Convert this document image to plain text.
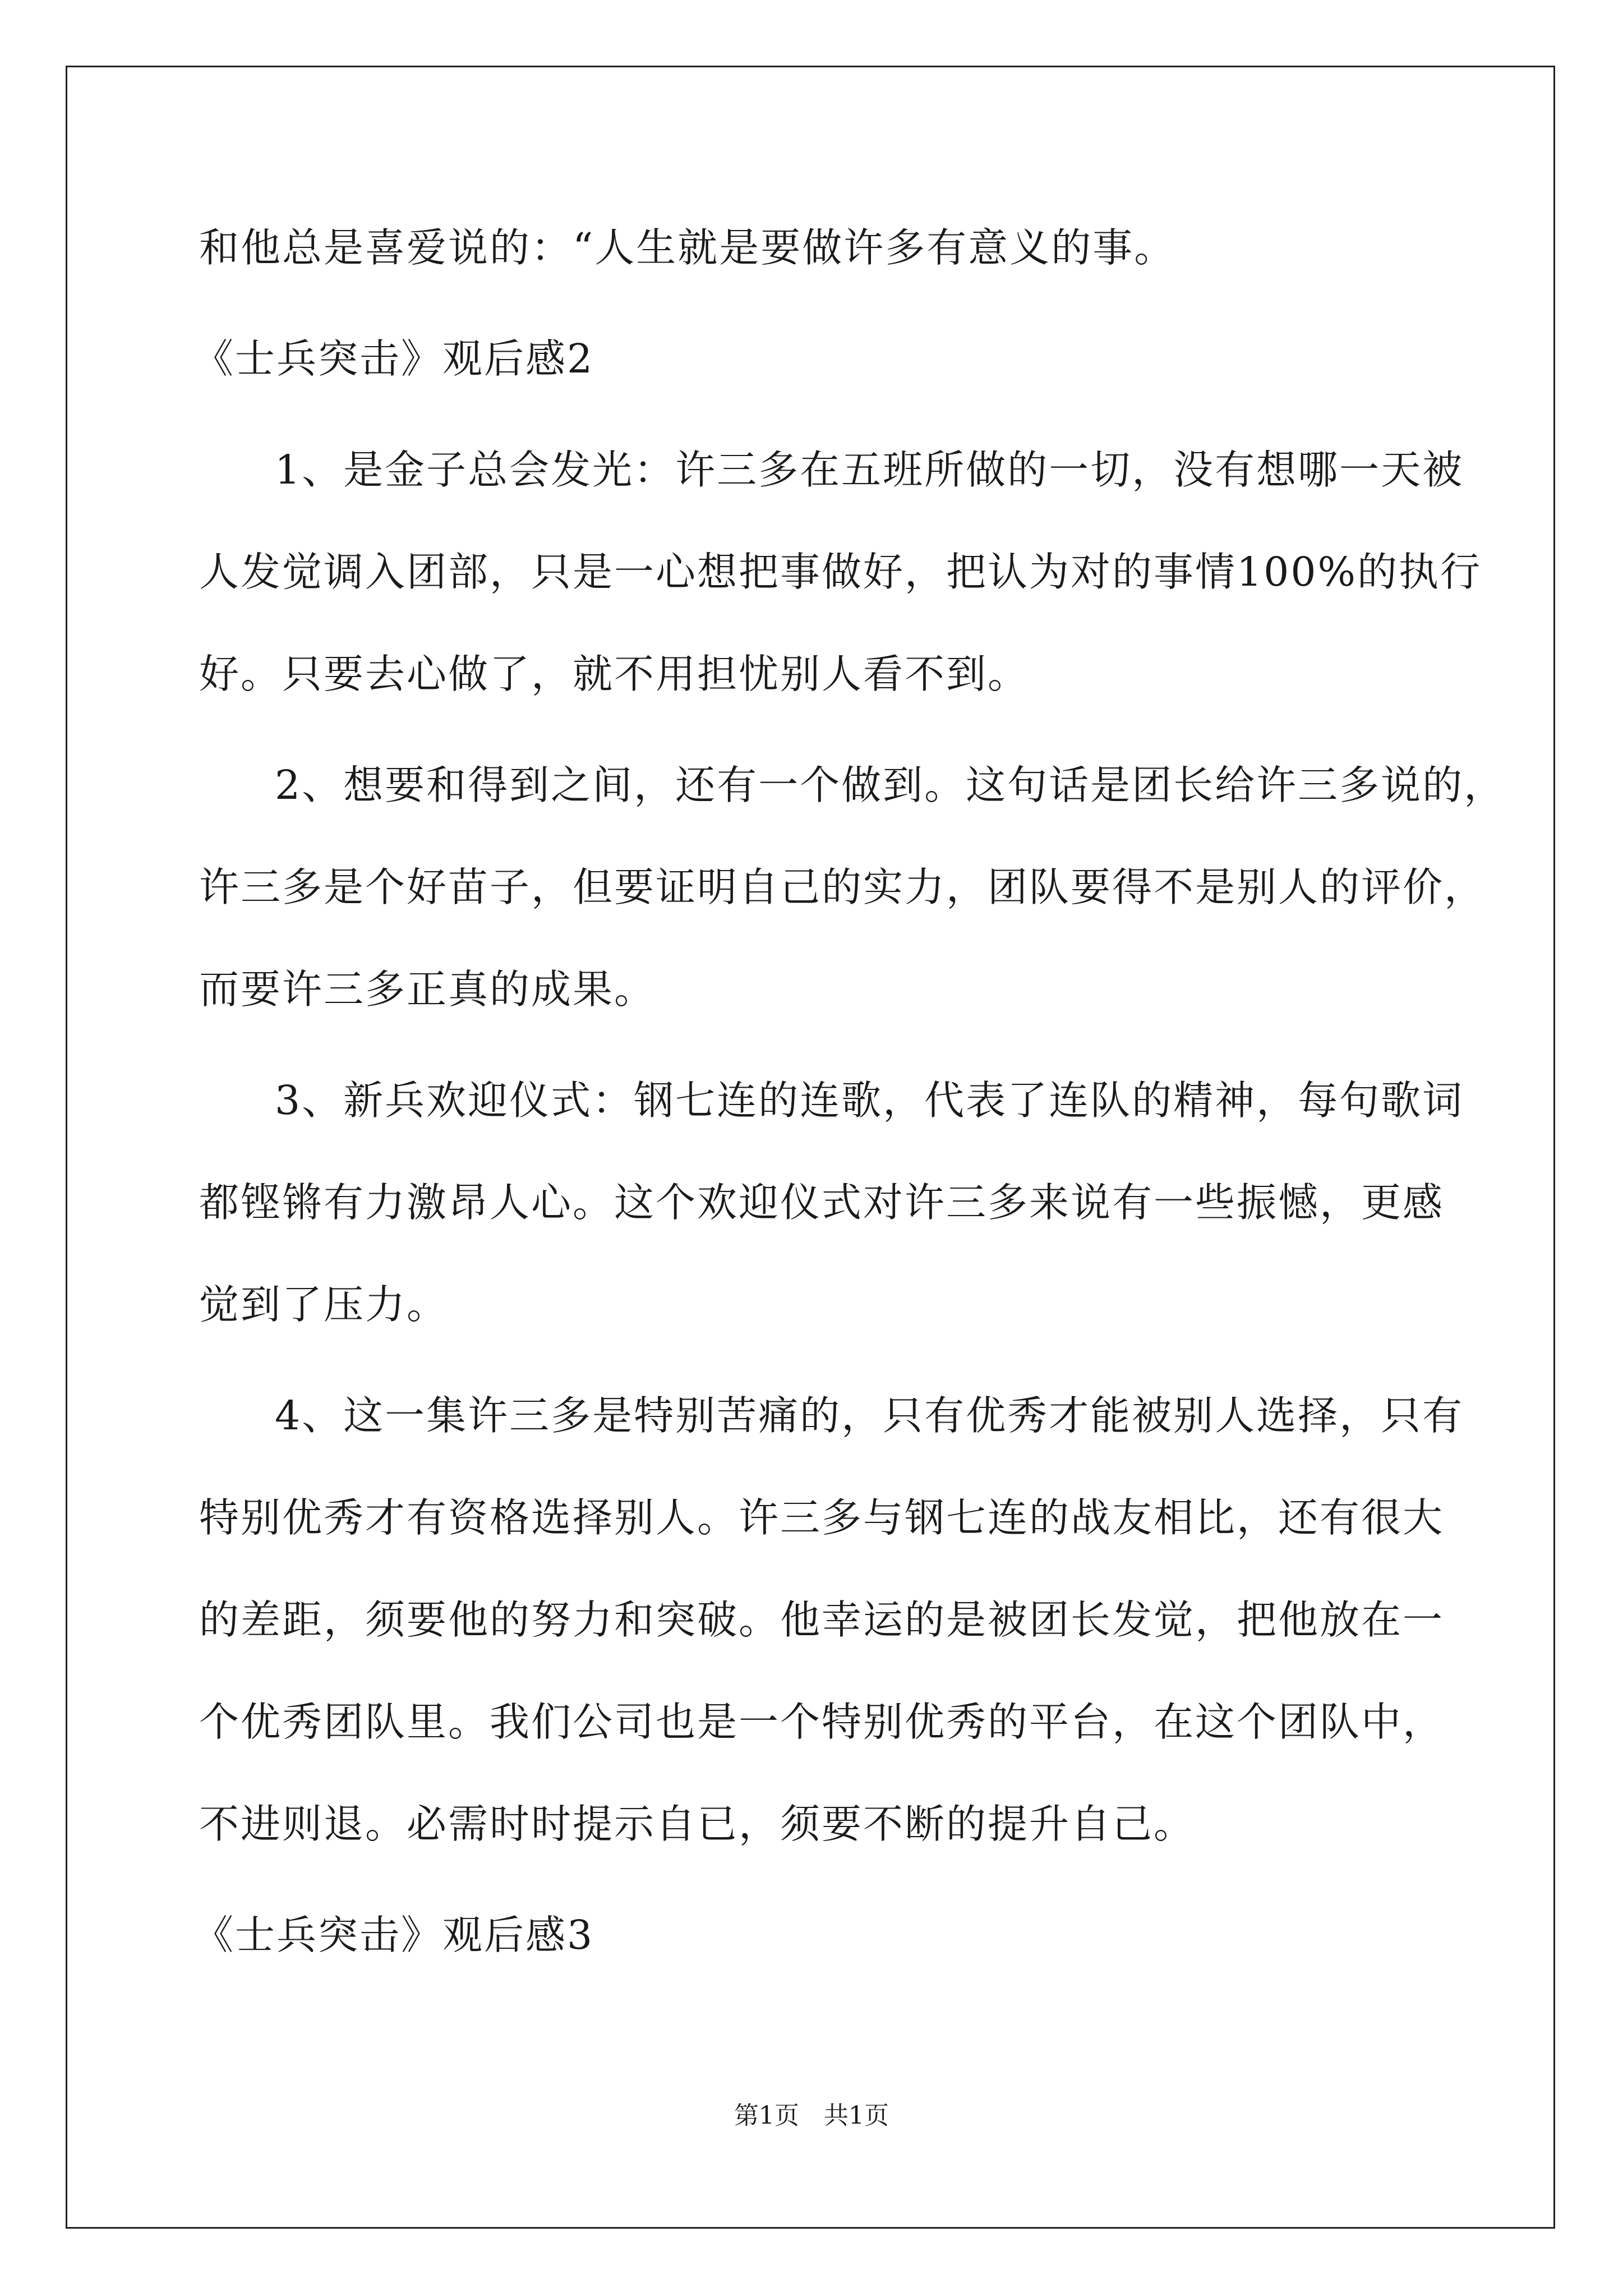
和他总是喜爱说的：“人生就是要做许多有意义的事。

《士兵突击》观后感2

1、是金子总会发光：许三多在五班所做的一切，没有想哪一天被

人发觉调入团部，只是一心想把事做好，把认为对的事情100%的执行

好。只要去心做了，就不用担忧别人看不到。

2、想要和得到之间，还有一个做到。这句话是团长给许三多说的，

许三多是个好苗子，但要证明自己的实力，团队要得不是别人的评价，

而要许三多正真的成果。

3、新兵欢迎仪式：钢七连的连歌，代表了连队的精神，每句歌词

都铿锵有力激昂人心。这个欢迎仪式对许三多来说有一些振憾，更感

觉到了压力。

4、这一集许三多是特别苦痛的，只有优秀才能被别人选择，只有

特别优秀才有资格选择别人。许三多与钢七连的战友相比，还有很大

的差距，须要他的努力和突破。他幸运的是被团长发觉，把他放在一

个优秀团队里。我们公司也是一个特别优秀的平台，在这个团队中，

不进则退。必需时时提示自已，须要不断的提升自己。

《士兵突击》观后感3
第1页　共1页
